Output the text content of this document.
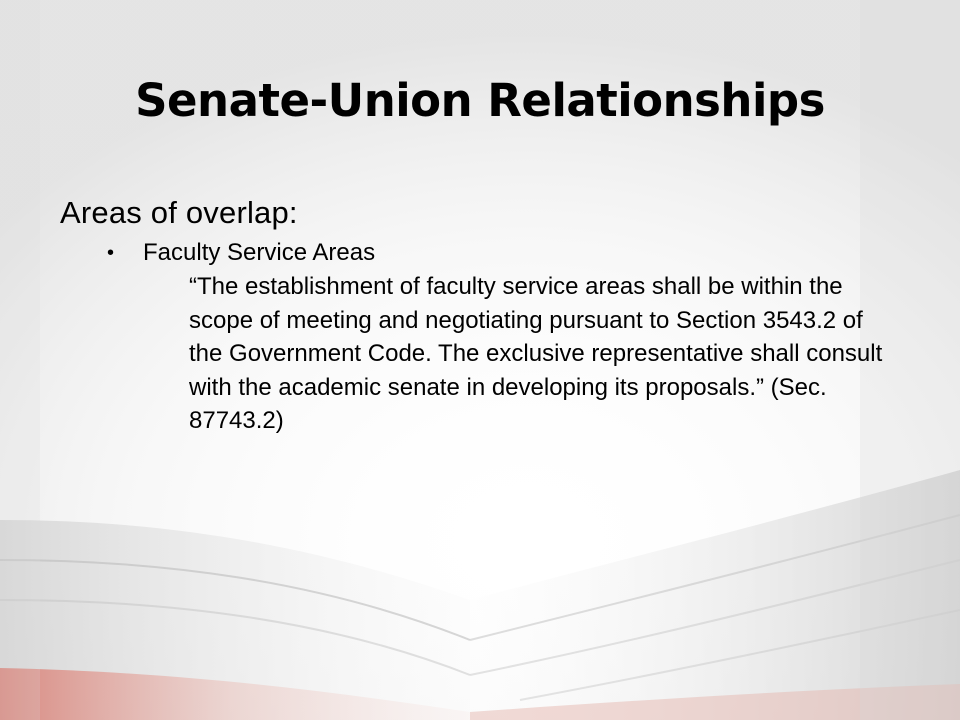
Senate-Union Relationships

Areas of overlap:

• Faculty Service Areas
“The establishment of faculty service areas shall be within the scope of meeting and negotiating pursuant to Section 3543.2 of the Government Code. The exclusive representative shall consult with the academic senate in developing its proposals.” (Sec. 87743.2)
